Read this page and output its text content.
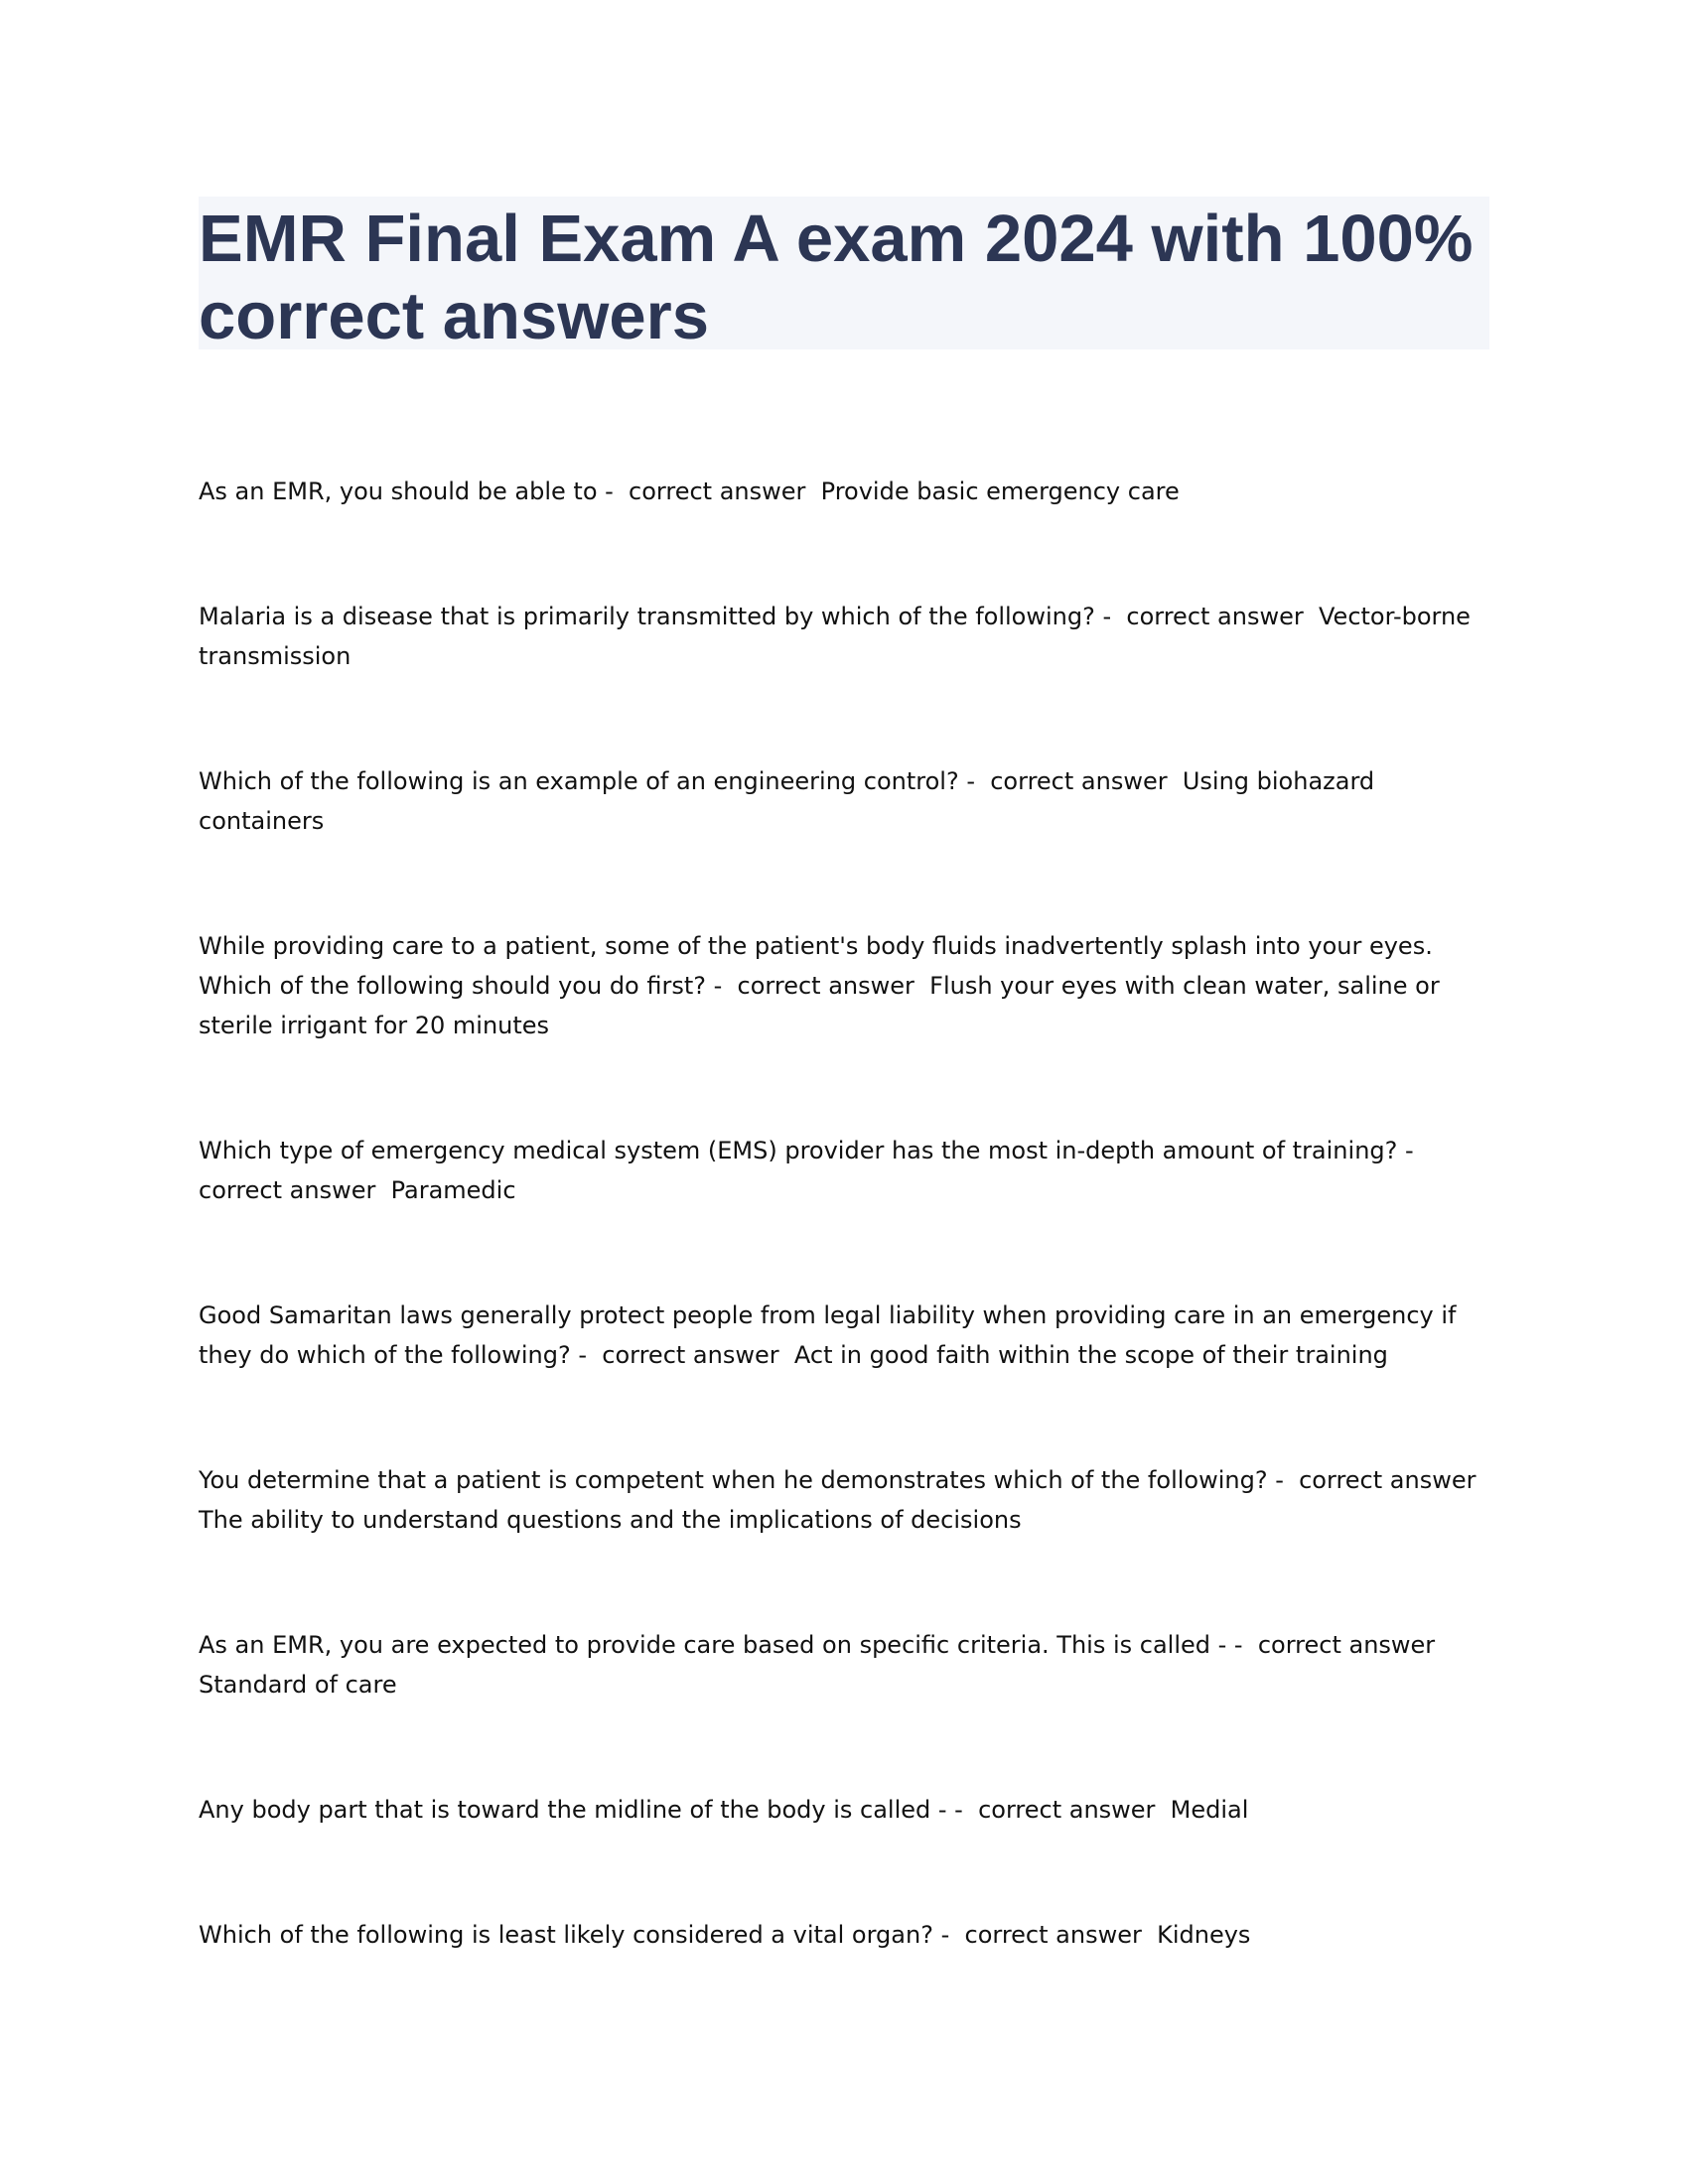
EMR Final Exam A exam 2024 with 100% correct answers
As an EMR, you should be able to -  correct answer  Provide basic emergency care
Malaria is a disease that is primarily transmitted by which of the following? -  correct answer  Vector-borne transmission
Which of the following is an example of an engineering control? -  correct answer  Using biohazard containers
While providing care to a patient, some of the patient's body fluids inadvertently splash into your eyes. Which of the following should you do first? -  correct answer  Flush your eyes with clean water, saline or sterile irrigant for 20 minutes
Which type of emergency medical system (EMS) provider has the most in-depth amount of training? -  correct answer  Paramedic
Good Samaritan laws generally protect people from legal liability when providing care in an emergency if they do which of the following? -  correct answer  Act in good faith within the scope of their training
You determine that a patient is competent when he demonstrates which of the following? -  correct answer  The ability to understand questions and the implications of decisions
As an EMR, you are expected to provide care based on specific criteria. This is called - -  correct answer  Standard of care
Any body part that is toward the midline of the body is called - -  correct answer  Medial
Which of the following is least likely considered a vital organ? -  correct answer  Kidneys
